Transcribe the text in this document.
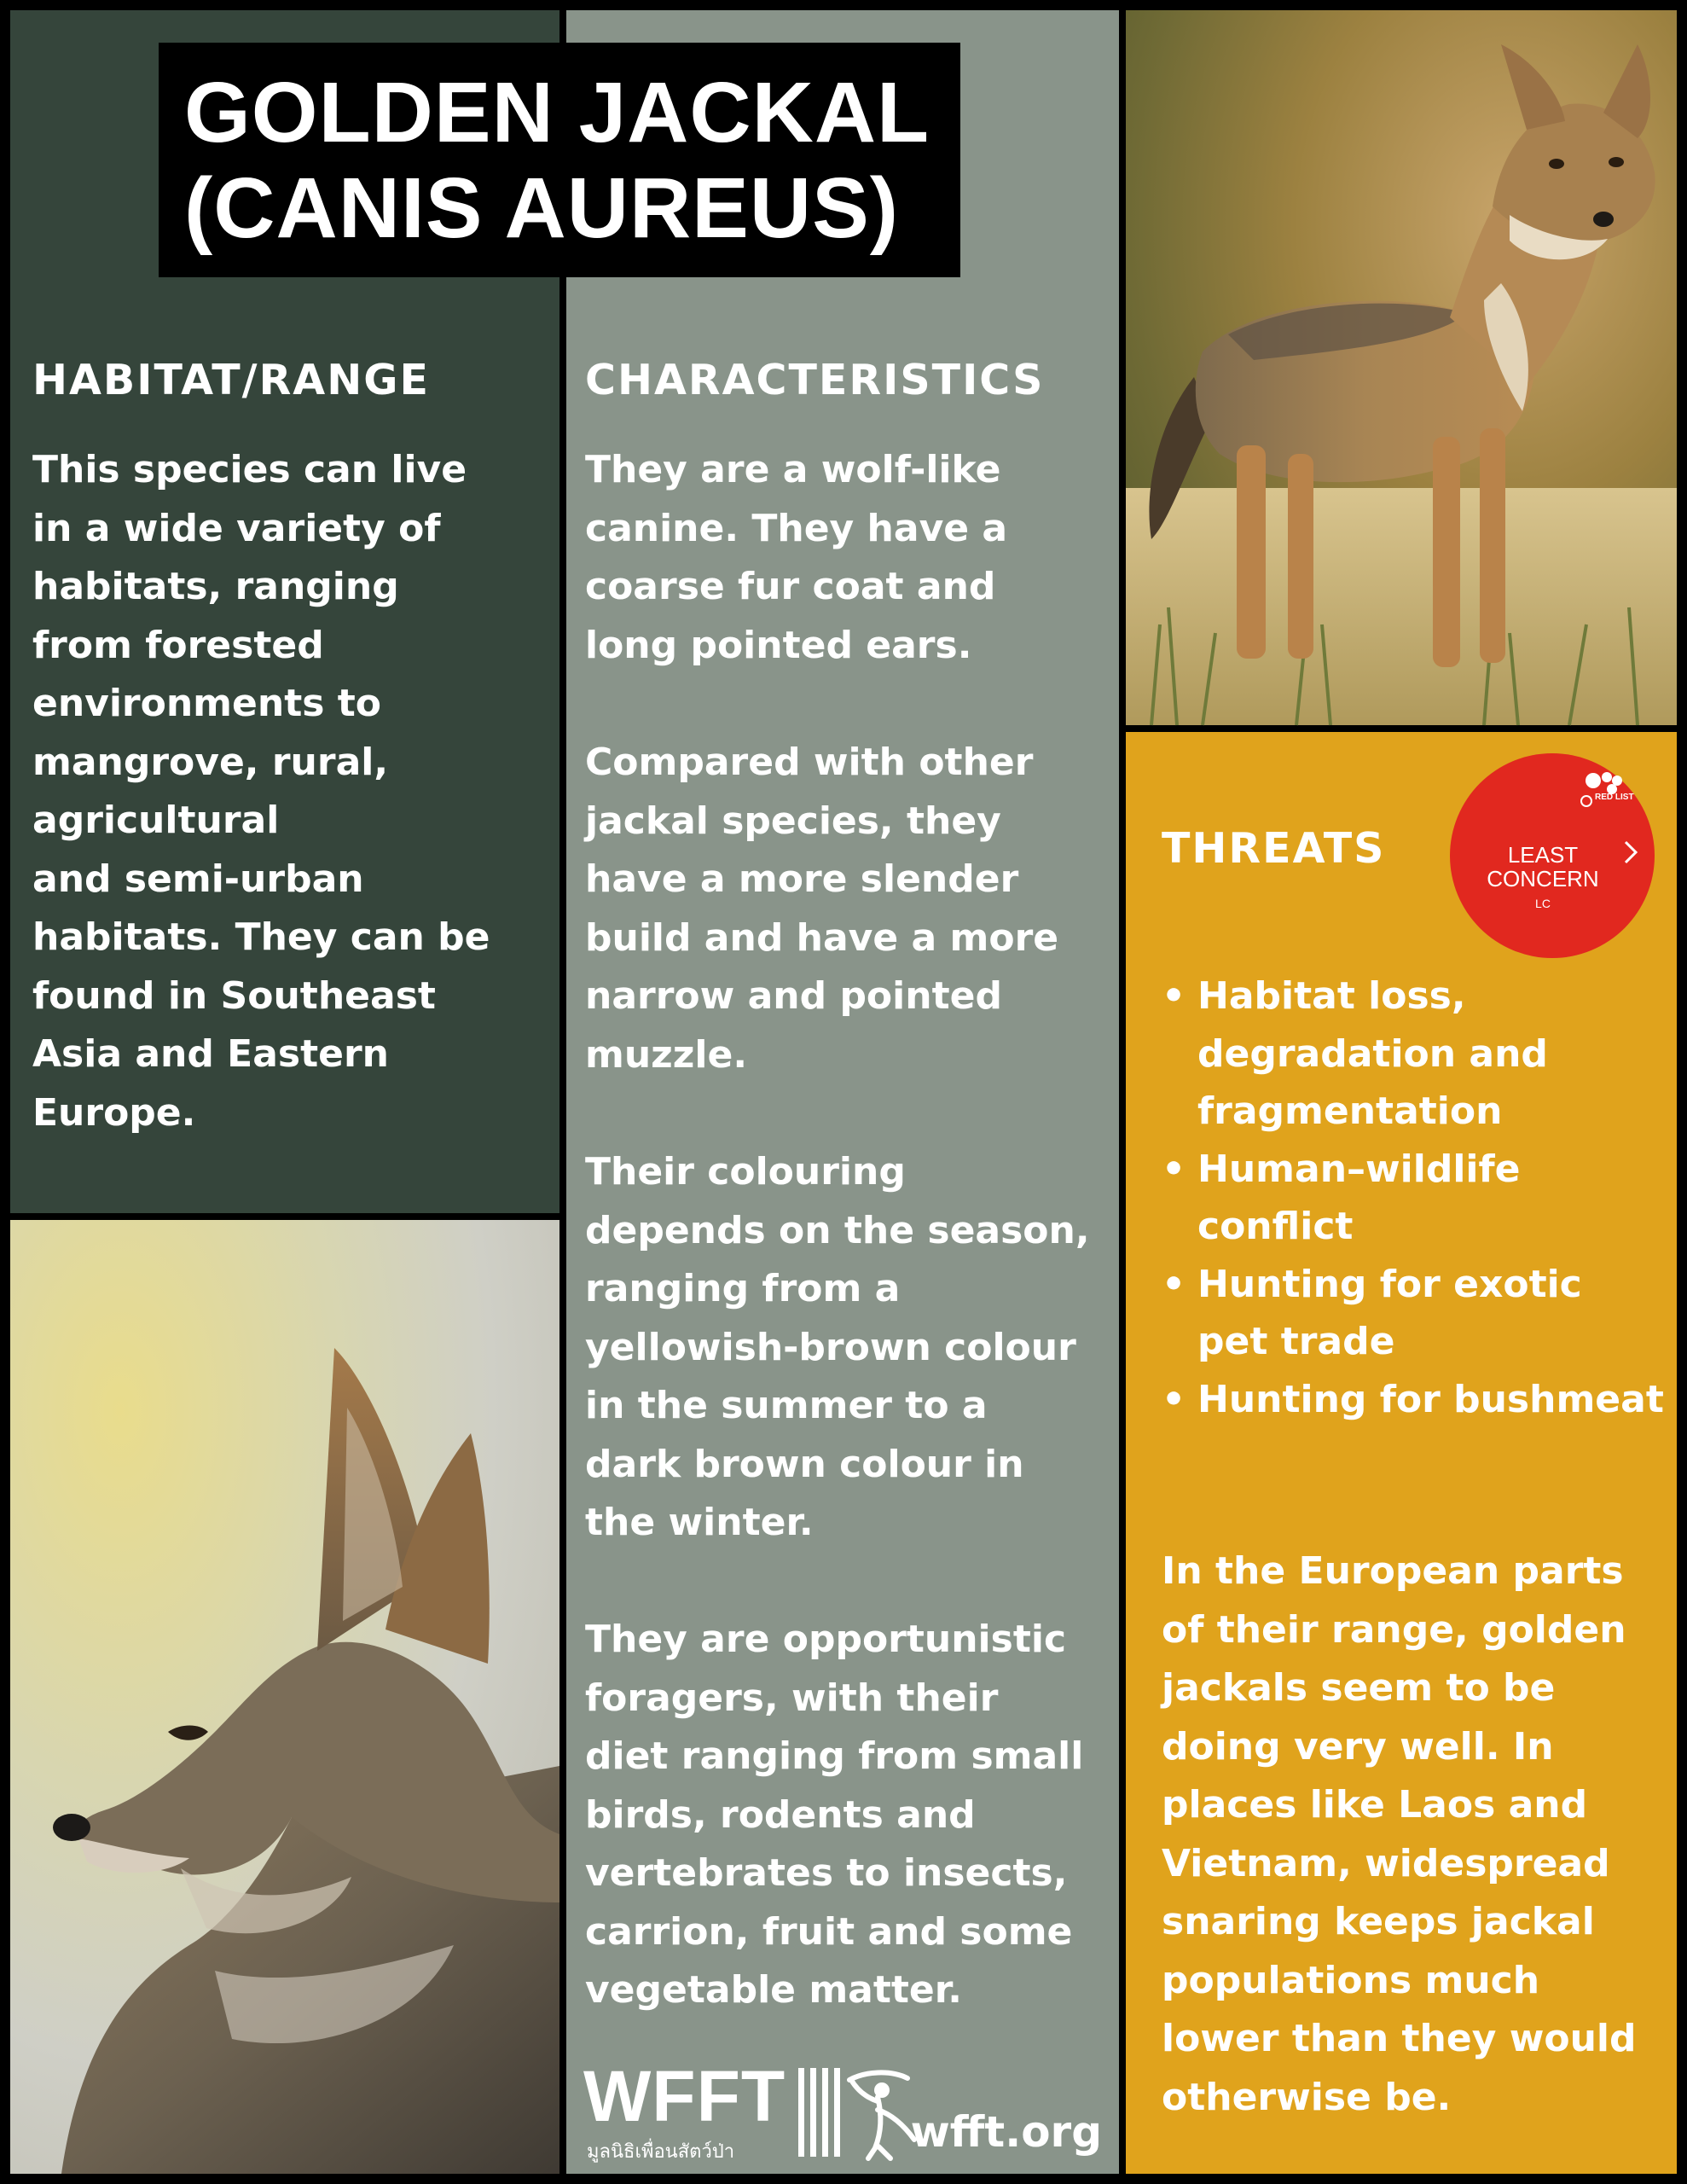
HABITAT/RANGE
This species can live
in a wide variety of
habitats, ranging
from forested
environments to
mangrove, rural,
agricultural
and semi-urban
habitats. They can be
found in Southeast
Asia and Eastern
Europe.
CHARACTERISTICS
They are a wolf-like
canine. They have a
coarse fur coat and
long pointed ears.
Compared with other
jackal species, they
have a more slender
build and have a more
narrow and pointed
muzzle.
Their colouring
depends on the season,
ranging from a
yellowish-brown colour
in the summer to a
dark brown colour in
the winter.
They are opportunistic
foragers, with their
diet ranging from small
birds, rodents and
vertebrates to insects,
carrion, fruit and some
vegetable matter.
WFFT
มูลนิธิเพื่อนสัตว์ป่า	wfft.org
THREATS
RED LIST
LEAST
CONCERN
LC
• Habitat loss, degradation and fragmentation
• Human–wildlife conflict
• Hunting for exotic pet trade
• Hunting for bushmeat
In the European parts
of their range, golden
jackals seem to be
doing very well. In
places like Laos and
Vietnam, widespread
snaring keeps jackal
populations much
lower than they would
otherwise be.
GOLDEN JACKAL
(CANIS AUREUS)
